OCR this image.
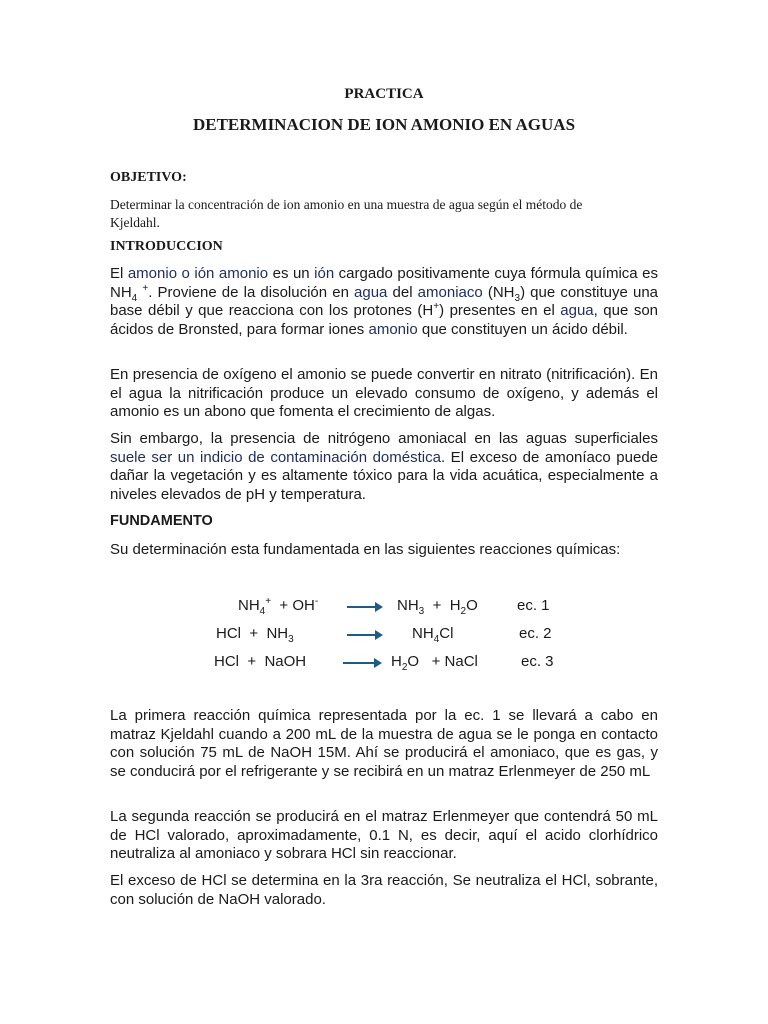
PRACTICA
DETERMINACION DE ION AMONIO EN AGUAS
OBJETIVO:
Determinar la concentración de ion amonio en una muestra de agua según el método de Kjeldahl.
INTRODUCCION
El amonio o ión amonio es un ión cargado positivamente cuya fórmula química es $NH_4$ +. Proviene de la disolución en agua del amoniaco $(NH_3)$ que constituye una base débil y que reacciona con los protones (H+) presentes en el agua, que son ácidos de Bronsted, para formar iones amonio que constituyen un ácido débil.
En presencia de oxígeno el amonio se puede convertir en nitrato (nitrificación). En el agua la nitrificación produce un elevado consumo de oxígeno, y además el amonio es un abono que fomenta el crecimiento de algas.
Sin embargo, la presencia de nitrógeno amoniacal en las aguas superficiales suele ser un indicio de contaminación doméstica. El exceso de amoníaco puede dañar la vegetación y es altamente tóxico para la vida acuática, especialmente a niveles elevados de pH y temperatura.
FUNDAMENTO
Su determinación esta fundamentada en las siguientes reacciones químicas:
$NH_4^+ + OH^-$	$NH_3 + H_2O$	ec. 1
HCl + $NH_3$	$NH_4Cl$	ec. 2
HCl + NaOH	$H_2O$ + NaCl	ec. 3
La primera reacción química representada por la ec. 1 se llevará a cabo en matraz Kjeldahl cuando a 200 mL de la muestra de agua se le ponga en contacto con solución 75 mL de NaOH 15M. Ahí se producirá el amoniaco, que es gas, y se conducirá por el refrigerante y se recibirá en un matraz Erlenmeyer de 250 mL
La segunda reacción se producirá en el matraz Erlenmeyer que contendrá 50 mL de HCl valorado, aproximadamente, 0.1 N, es decir, aquí el acido clorhídrico neutraliza al amoniaco y sobrara HCl sin reaccionar.
El exceso de HCl se determina en la 3ra reacción, Se neutraliza el HCl, sobrante, con solución de NaOH valorado.
